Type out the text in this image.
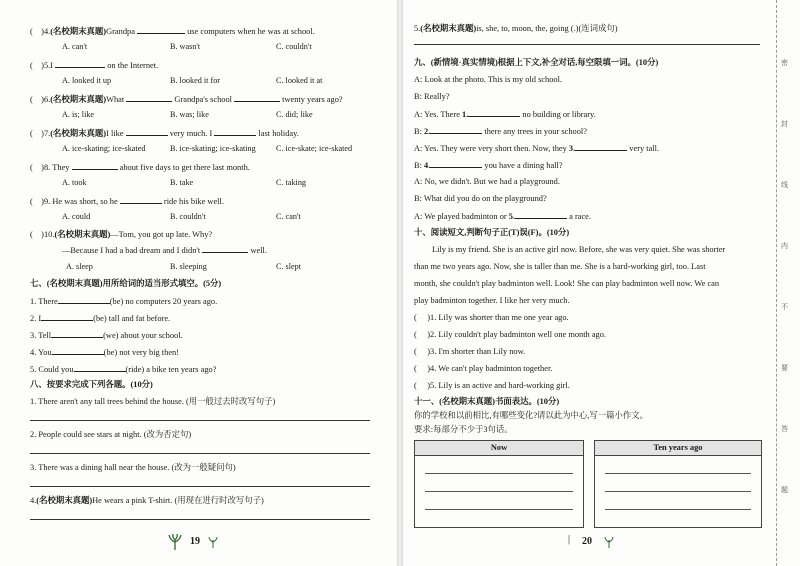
密
封
线
内
不
要
答
题
(    )4.(名校期末真题)Grandpa	use computers when he was at school.
A. can't	B. wasn't	C. couldn't
(    )5.I	on the Internet.
A. looked it up	B. looked it for	C. looked it at
(    )6.(名校期末真题)What	Grandpa's school	twenty years ago?
A. is; like	B. was; like	C. did; like
(    )7.(名校期末真题)I like	very much. I	last holiday.
A. ice-skating; ice-skated	B. ice-skating; ice-skating C. ice-skate; ice-skated
(    )8. They	about five days to get there last month.
A. took	B. take	C. taking
(    )9. He was short, so he	ride his bike well.
A. could	B. couldn't	C. can't
(    )10.(名校期末真题)—Tom, you got up late. Why?
—Because I had a bad dream and I didn't	well.
A. sleep	B. sleeping	C. slept
七、(名校期末真题)用所给词的适当形式填空。(5分)
1. There	(be) no computers 20 years ago.
2. I	(be) tall and fat before.
3. Tell	(we) about your school.
4. You	(be) not very big then!
5. Could you	(ride) a bike ten years ago?
八、按要求完成下列各题。(10分)
1. There aren't any tall trees behind the house. (用一般过去时改写句子)
2. People could see stars at night. (改为否定句)
3. There was a dining hall near the house. (改为一般疑问句)
4.(名校期末真题)He wears a pink T-shirt. (用现在进行时改写句子)
19
5.(名校期末真题)is, she, to, moon, the, going (.)(连词成句)
九、(新情境·真实情境)根据上下文,补全对话,每空限填一词。(10分)
A: Look at the photo. This is my old school.
B: Really?
A: Yes. There 1.	no building or library.
B: 2.	there any trees in your school?
A: Yes. They were very short then. Now, they 3.	very tall.
B: 4.	you have a dining hall?
A: No, we didn't. But we had a playground.
B: What did you do on the playground?
A: We played badminton or 5.	a race.
十、阅读短文,判断句子正(T)误(F)。(10分)
Lily is my friend. She is an active girl now. Before, she was very quiet. She was shorter
than me two years ago. Now, she is taller than me. She is a hard-working girl, too. Last
month, she couldn't play badminton well. Look! She can play badminton well now. We can
play badminton together. I like her very much.
(     )1. Lily was shorter than me one year ago.
(     )2. Lily couldn't play badminton well one month ago.
(     )3. I'm shorter than Lily now.
(     )4. We can't play badminton together.
(     )5. Lily is an active and hard-working girl.
十一、(名校期末真题)书面表达。(10分)
你的学校和以前相比,有哪些变化?请以此为中心,写一篇小作文。
要求:每部分不少于3句话。
Now	Ten years ago
| 20
